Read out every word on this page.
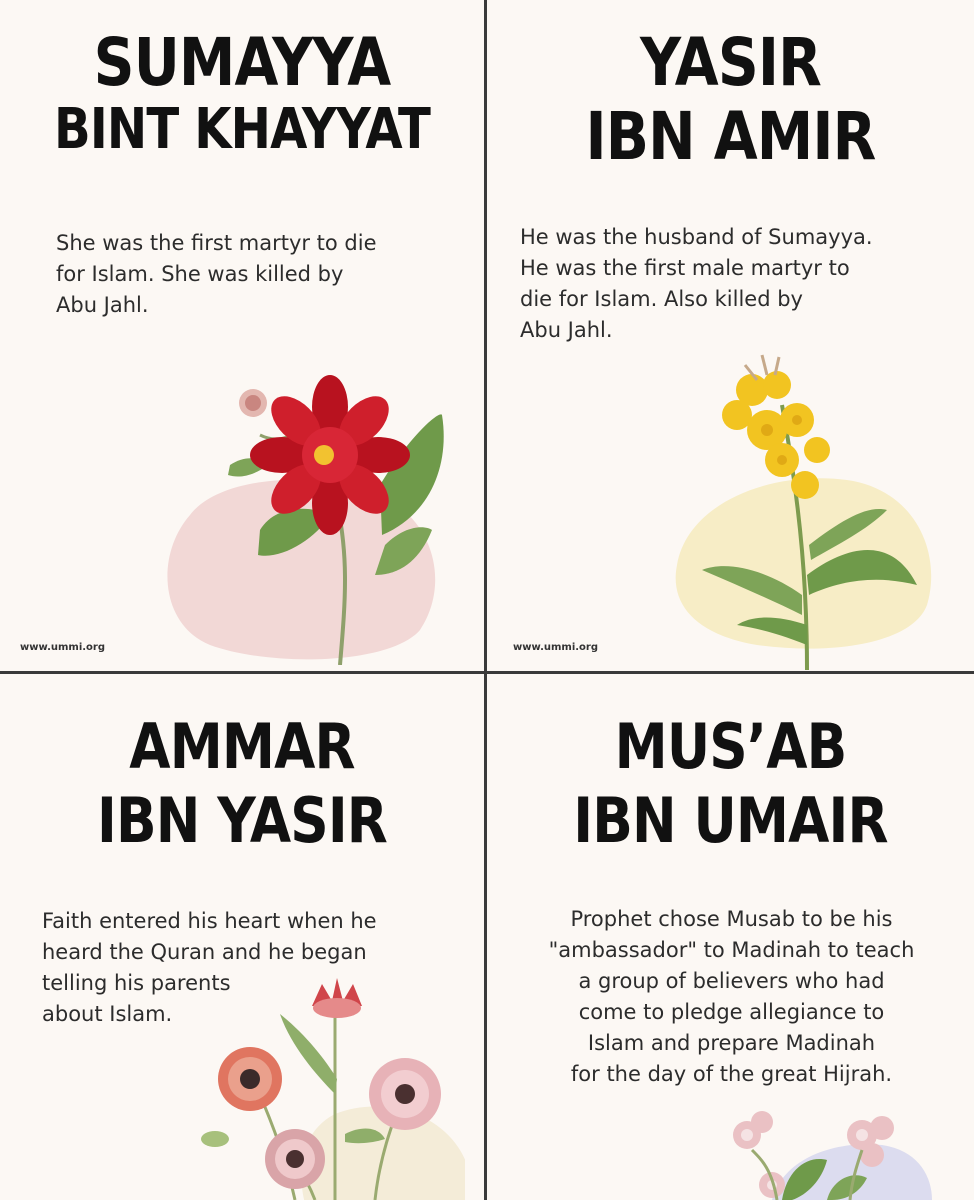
SUMAYYA
BINT KHAYYAT

She was the first martyr to die
for Islam. She was killed by
Abu Jahl.

www.ummi.org
YASIR
IBN AMIR

He was the husband of Sumayya.
He was the first male martyr to
die for Islam. Also killed by
Abu Jahl.

www.ummi.org
AMMAR
IBN YASIR

Faith entered his heart when he
heard the Quran and he began
telling his parents
about Islam.

MUS’AB
IBN UMAIR

Prophet chose Musab to be his
"ambassador" to Madinah to teach
a group of believers who had
come to pledge allegiance to
Islam and prepare Madinah
for the day of the great Hijrah.
